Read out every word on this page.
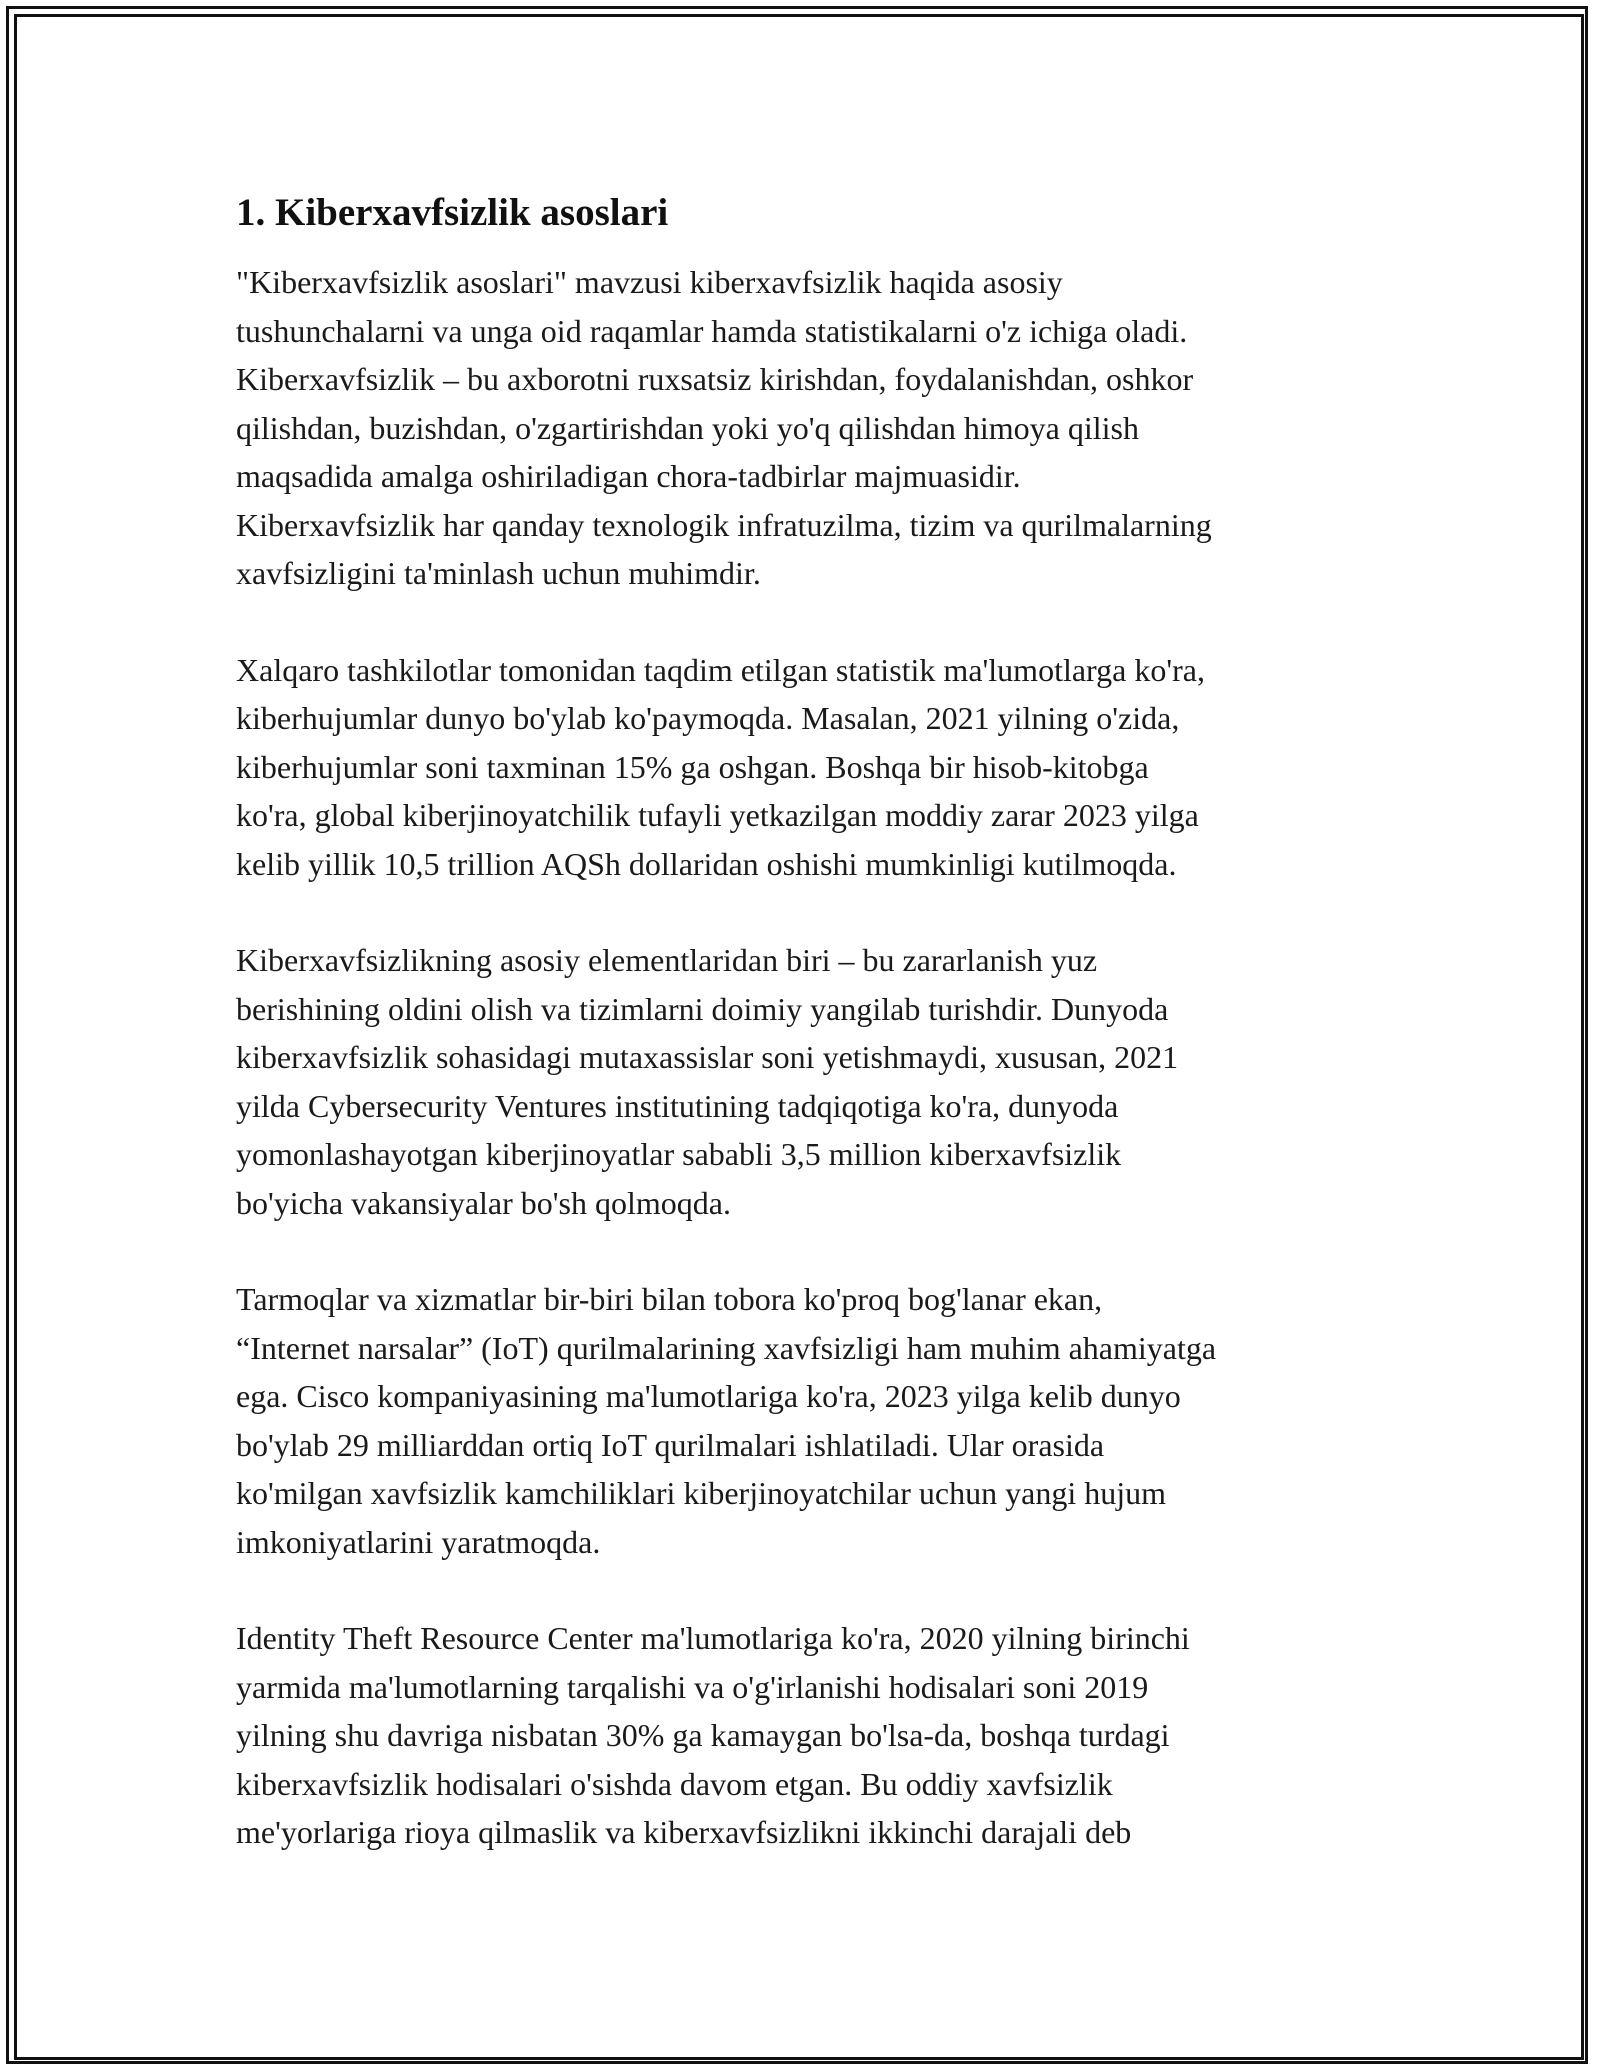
1. Kiberxavfsizlik asoslari
"Kiberxavfsizlik asoslari" mavzusi kiberxavfsizlik haqida asosiy
tushunchalarni va unga oid raqamlar hamda statistikalarni o'z ichiga oladi.
Kiberxavfsizlik – bu axborotni ruxsatsiz kirishdan, foydalanishdan, oshkor
qilishdan, buzishdan, o'zgartirishdan yoki yo'q qilishdan himoya qilish
maqsadida amalga oshiriladigan chora-tadbirlar majmuasidir.
Kiberxavfsizlik har qanday texnologik infratuzilma, tizim va qurilmalarning
xavfsizligini ta'minlash uchun muhimdir.
Xalqaro tashkilotlar tomonidan taqdim etilgan statistik ma'lumotlarga ko'ra,
kiberhujumlar dunyo bo'ylab ko'paymoqda. Masalan, 2021 yilning o'zida,
kiberhujumlar soni taxminan 15% ga oshgan. Boshqa bir hisob-kitobga
ko'ra, global kiberjinoyatchilik tufayli yetkazilgan moddiy zarar 2023 yilga
kelib yillik 10,5 trillion AQSh dollaridan oshishi mumkinligi kutilmoqda.
Kiberxavfsizlikning asosiy elementlaridan biri – bu zararlanish yuz
berishining oldini olish va tizimlarni doimiy yangilab turishdir. Dunyoda
kiberxavfsizlik sohasidagi mutaxassislar soni yetishmaydi, xususan, 2021
yilda Cybersecurity Ventures institutining tadqiqotiga ko'ra, dunyoda
yomonlashayotgan kiberjinoyatlar sababli 3,5 million kiberxavfsizlik
bo'yicha vakansiyalar bo'sh qolmoqda.
Tarmoqlar va xizmatlar bir-biri bilan tobora ko'proq bog'lanar ekan,
“Internet narsalar” (IoT) qurilmalarining xavfsizligi ham muhim ahamiyatga
ega. Cisco kompaniyasining ma'lumotlariga ko'ra, 2023 yilga kelib dunyo
bo'ylab 29 milliarddan ortiq IoT qurilmalari ishlatiladi. Ular orasida
ko'milgan xavfsizlik kamchiliklari kiberjinoyatchilar uchun yangi hujum
imkoniyatlarini yaratmoqda.
Identity Theft Resource Center ma'lumotlariga ko'ra, 2020 yilning birinchi
yarmida ma'lumotlarning tarqalishi va o'g'irlanishi hodisalari soni 2019
yilning shu davriga nisbatan 30% ga kamaygan bo'lsa-da, boshqa turdagi
kiberxavfsizlik hodisalari o'sishda davom etgan. Bu oddiy xavfsizlik
me'yorlariga rioya qilmaslik va kiberxavfsizlikni ikkinchi darajali deb
